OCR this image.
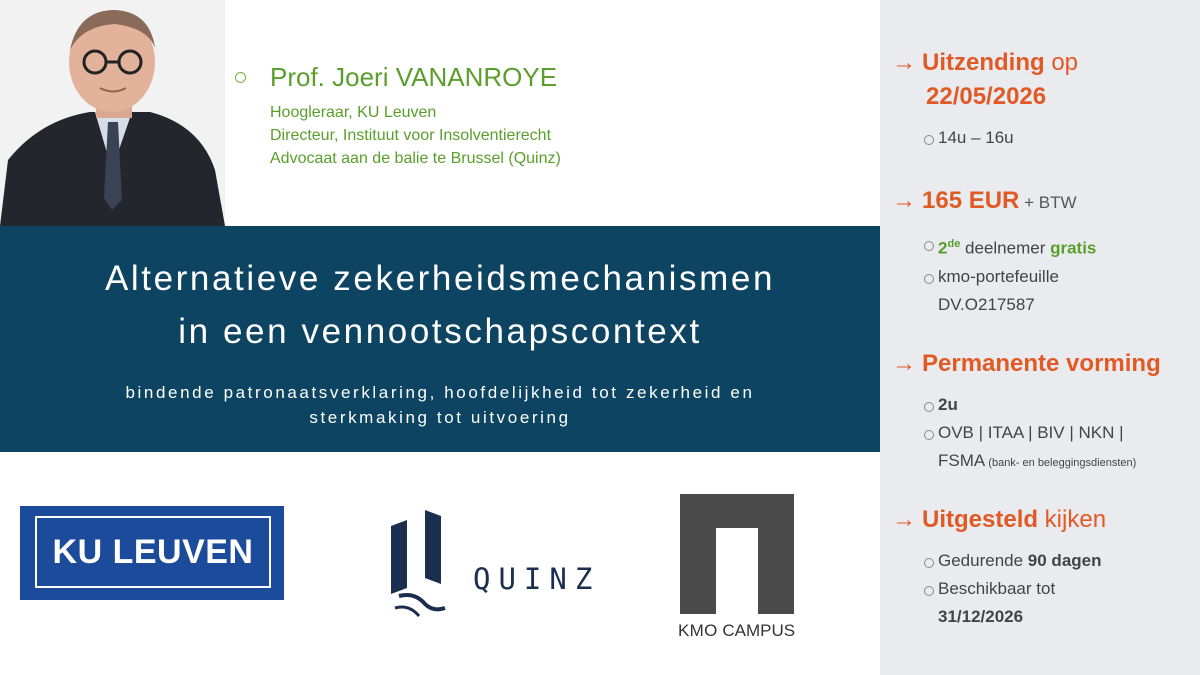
Prof. Joeri VANANROYE
Hoogleraar, KU Leuven
Directeur, Instituut voor Insolventierecht
Advocaat aan de balie te Brussel (Quinz)
Alternatieve zekerheidsmechanismen
in een vennootschapscontext
bindende patronaatsverklaring, hoofdelijkheid tot zekerheid en
sterkmaking tot uitvoering
KU LEUVEN
QUINZ
KMO CAMPUS
→ Uitzending op
22/05/2026
14u – 16u
→ 165 EUR + BTW
2de deelnemer gratis
kmo-portefeuille
DV.O217587
→ Permanente vorming
2u
OVB | ITAA | BIV | NKN |
FSMA (bank- en beleggingsdiensten)
→ Uitgesteld kijken
Gedurende 90 dagen
Beschikbaar tot
31/12/2026
